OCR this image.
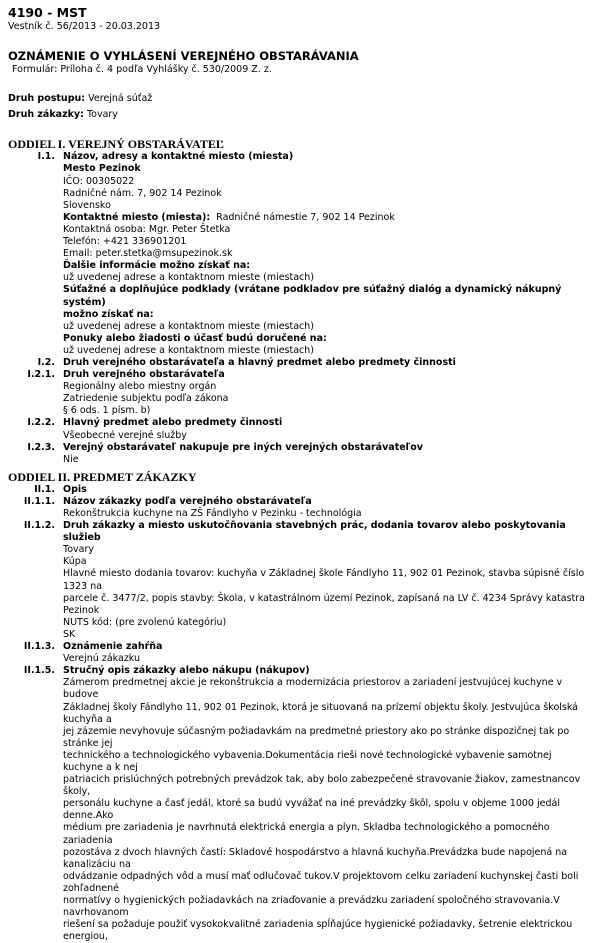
4190 - MST
Vestník č. 56/2013 - 20.03.2013
OZNÁMENIE O VYHLÁSENÍ VEREJNÉHO OBSTARÁVANIA
Formulár: Príloha č. 4 podľa Vyhlášky č. 530/2009 Z. z.
Druh postupu: Verejná súťaž
Druh zákazky: Tovary
ODDIEL I. VEREJNÝ OBSTARÁVATEĽ
I.1. Názov, adresy a kontaktné miesto (miesta)
Mesto Pezinok
IČO: 00305022
Radničné nám. 7, 902 14 Pezinok
Slovensko
Kontaktné miesto (miesta): Radničné námestie 7, 902 14 Pezinok
Kontaktná osoba: Mgr. Peter Štetka
Telefón: +421 336901201
Email: peter.stetka@msupezinok.sk
Ďalšie informácie možno získať na:
už uvedenej adrese a kontaktnom mieste (miestach)
Súťažné a doplňujúce podklady (vrátane podkladov pre súťažný dialóg a dynamický nákupný systém)
možno získať na:
už uvedenej adrese a kontaktnom mieste (miestach)
Ponuky alebo žiadosti o účasť budú doručené na:
už uvedenej adrese a kontaktnom mieste (miestach)
I.2. Druh verejného obstarávateľa a hlavný predmet alebo predmety činnosti
I.2.1. Druh verejného obstarávateľa
Regionálny alebo miestny orgán
Zatriedenie subjektu podľa zákona
§ 6 ods. 1 písm. b)
I.2.2. Hlavný predmet alebo predmety činnosti
Všeobecné verejné služby
I.2.3. Verejný obstarávateľ nakupuje pre iných verejných obstarávateľov
Nie
ODDIEL II. PREDMET ZÁKAZKY
II.1. Opis
II.1.1. Názov zákazky podľa verejného obstarávateľa
Rekonštrukcia kuchyne na ZŠ Fándlyho v Pezinku - technológia
II.1.2. Druh zákazky a miesto uskutočňovania stavebných prác, dodania tovarov alebo poskytovania služieb
Tovary
Kúpa
Hlavné miesto dodania tovarov: kuchyňa v Základnej škole Fándlyho 11, 902 01 Pezinok, stavba súpisné číslo 1323 na
parcele č. 3477/2, popis stavby: Škola, v katastrálnom území Pezinok, zapísaná na LV č. 4234 Správy katastra Pezinok
NUTS kód: (pre zvolenú kategóriu)
SK
II.1.3. Oznámenie zahŕňa
Verejnú zákazku
II.1.5. Stručný opis zákazky alebo nákupu (nákupov)
Zámerom predmetnej akcie je rekonštrukcia a modernizácia priestorov a zariadení jestvujúcej kuchyne v budove
Základnej školy Fándlyho 11, 902 01 Pezinok, ktorá je situovaná na prízemí objektu školy. Jestvujúca školská kuchyňa a
jej zázemie nevyhovuje súčasným požiadavkám na predmetné priestory ako po stránke dispozičnej tak po stránke jej
technického a technologického vybavenia.Dokumentácia rieši nové technologické vybavenie samotnej kuchyne a k nej
patriacich prislúchných potrebných prevádzok tak, aby bolo zabezpečené stravovanie žiakov, zamestnancov školy,
personálu kuchyne a časť jedál, ktoré sa budú vyvážať na iné prevádzky škôl, spolu v objeme 1000 jedál denne.Ako
médium pre zariadenia je navrhnutá elektrická energia a plyn. Skladba technologického a pomocného zariadenia
pozostáva z dvoch hlavných častí: Skladové hospodárstvo a hlavná kuchyňa.Prevádzka bude napojená na kanalizáciu na
odvádzanie odpadných vôd a musí mať odlučovač tukov.V projektovom celku zariadení kuchynskej časti boli zohľadnené
normatívy o hygienických požiadavkách na zriaďovanie a prevádzku zariadení spoločného stravovania.V navrhovanom
riešení sa požaduje použiť vysokokvalitné zariadenia spĺňajúce hygienické požiadavky, šetrenie elektrickou energiou,
